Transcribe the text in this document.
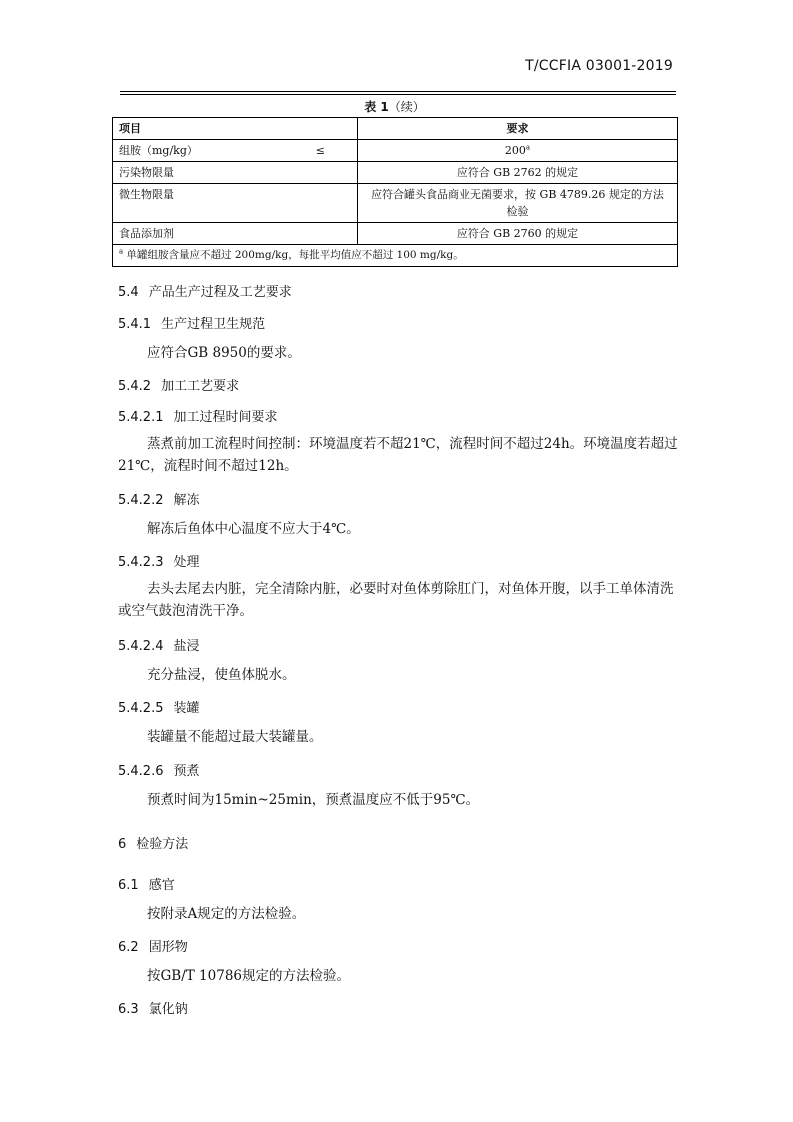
T/CCFIA 03001-2019
表 1（续）
项目	要求
组胺（mg/kg） ≤	$200^a$
污染物限量	应符合 GB 2762 的规定
微生物限量	应符合罐头食品商业无菌要求，按 GB 4789.26 规定的方法
检验

食品添加剂	应符合 GB 2760 的规定
$^a$ 单罐组胺含量应不超过 200mg/kg，每批平均值应不超过 100 mg/kg。	
5.4 产品生产过程及工艺要求
5.4.1 生产过程卫生规范
应符合GB 8950的要求。
5.4.2 加工工艺要求
5.4.2.1 加工过程时间要求
蒸煮前加工流程时间控制：环境温度若不超21℃，流程时间不超过24h。环境温度若超过21℃，流程时间不超过12h。
5.4.2.2 解冻
解冻后鱼体中心温度不应大于4℃。
5.4.2.3 处理
去头去尾去内脏，完全清除内脏，必要时对鱼体剪除肛门，对鱼体开腹，以手工单体清洗或空气鼓泡清洗干净。
5.4.2.4 盐浸
充分盐浸，使鱼体脱水。
5.4.2.5 装罐
装罐量不能超过最大装罐量。
5.4.2.6 预煮
预煮时间为15min~25min，预煮温度应不低于95℃。
6 检验方法
6.1 感官
按附录A规定的方法检验。
6.2 固形物
按GB/T 10786规定的方法检验。
6.3 氯化钠
